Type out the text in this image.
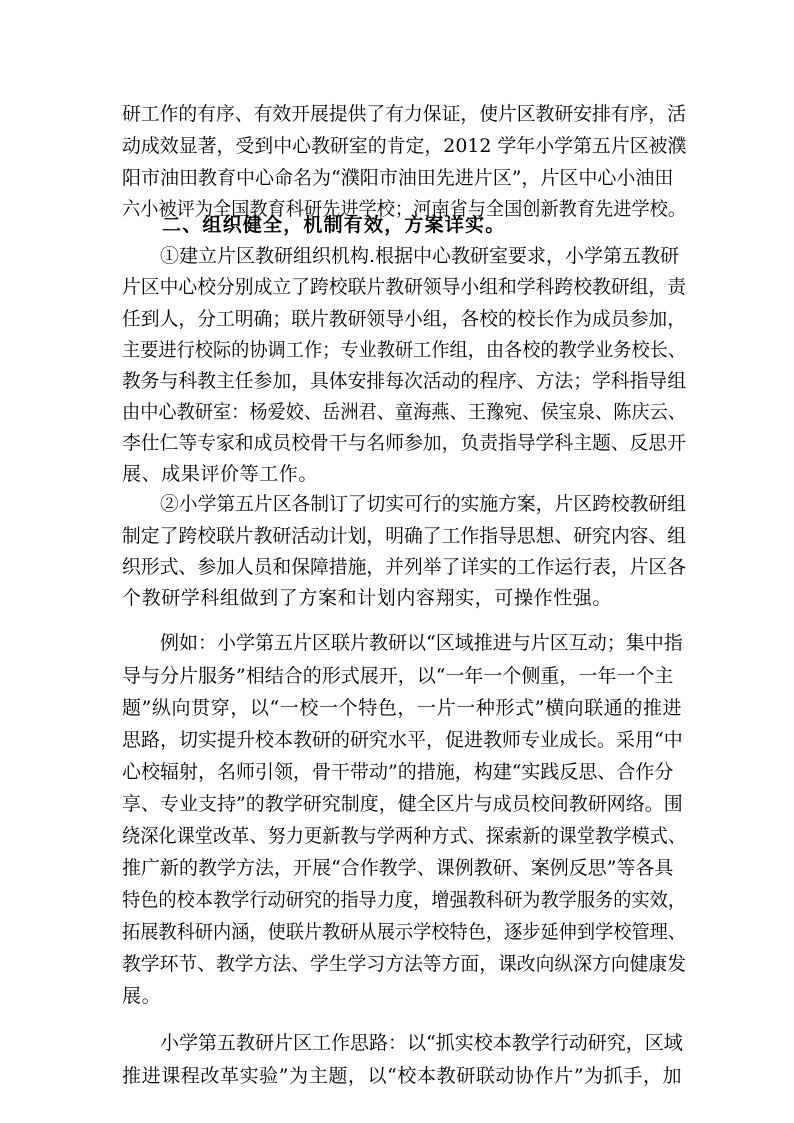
研工作的有序、有效开展提供了有力保证，使片区教研安排有序，活
动成效显著，受到中心教研室的肯定，2012 学年小学第五片区被濮
阳市油田教育中心命名为“濮阳市油田先进片区”，片区中心小油田
六小被评为全国教育科研先进学校；河南省与全国创新教育先进学校。
二、组织健全，机制有效，方案详实。
①建立片区教研组织机构.根据中心教研室要求，小学第五教研
片区中心校分别成立了跨校联片教研领导小组和学科跨校教研组，责
任到人，分工明确；联片教研领导小组，各校的校长作为成员参加，
主要进行校际的协调工作；专业教研工作组，由各校的教学业务校长、
教务与科教主任参加，具体安排每次活动的程序、方法；学科指导组
由中心教研室：杨爱姣、岳洲君、童海燕、王豫宛、侯宝泉、陈庆云、
李仕仁等专家和成员校骨干与名师参加，负责指导学科主题、反思开
展、成果评价等工作。
②小学第五片区各制订了切实可行的实施方案，片区跨校教研组
制定了跨校联片教研活动计划，明确了工作指导思想、研究内容、组
织形式、参加人员和保障措施，并列举了详实的工作运行表，片区各
个教研学科组做到了方案和计划内容翔实，可操作性强。
例如：小学第五片区联片教研以“区域推进与片区互动；集中指
导与分片服务”相结合的形式展开，以“一年一个侧重，一年一个主
题”纵向贯穿，以“一校一个特色，一片一种形式”横向联通的推进
思路，切实提升校本教研的研究水平，促进教师专业成长。采用“中
心校辐射，名师引领，骨干带动”的措施，构建“实践反思、合作分
享、专业支持”的教学研究制度，健全区片与成员校间教研网络。围
绕深化课堂改革、努力更新教与学两种方式、探索新的课堂教学模式、
推广新的教学方法，开展“合作教学、课例教研、案例反思”等各具
特色的校本教学行动研究的指导力度，增强教科研为教学服务的实效，
拓展教科研内涵，使联片教研从展示学校特色，逐步延伸到学校管理、
教学环节、教学方法、学生学习方法等方面，课改向纵深方向健康发
展。
小学第五教研片区工作思路：以“抓实校本教学行动研究，区域
推进课程改革实验”为主题，以“校本教研联动协作片”为抓手，加
